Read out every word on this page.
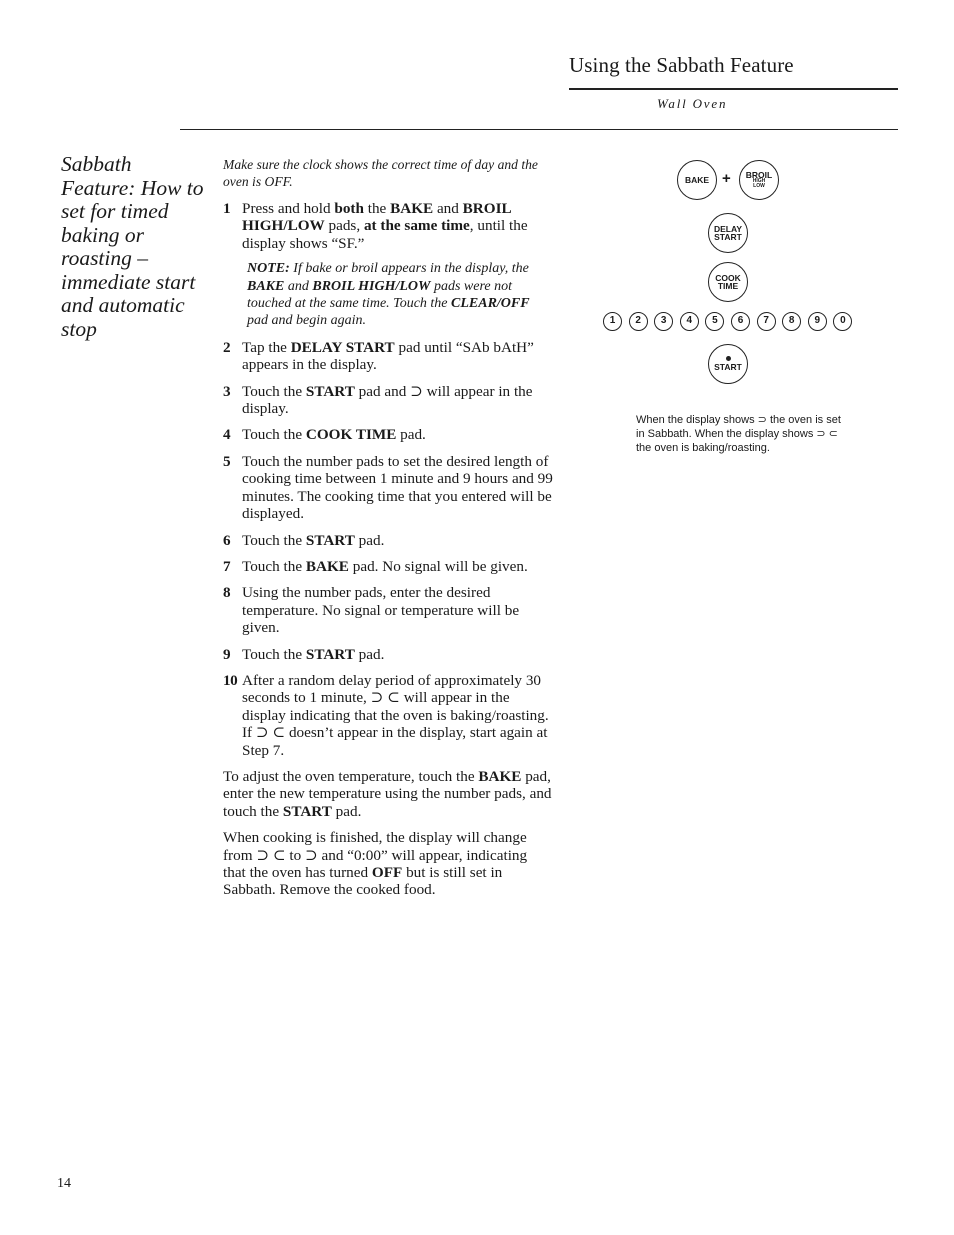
Using the Sabbath Feature
Wall Oven
Sabbath Feature: How to set for timed baking or roasting – immediate start and automatic stop

Make sure the clock shows the correct time of day and the oven is OFF.

1 Press and hold both the BAKE and BROIL HIGH/LOW pads, at the same time, until the display shows “SF.”
NOTE: If bake or broil appears in the display, the BAKE and BROIL HIGH/LOW pads were not touched at the same time. Touch the CLEAR/OFF pad and begin again.
2 Tap the DELAY START pad until “SAb bAtH” appears in the display.
3 Touch the START pad and ⊃ will appear in the display.
4 Touch the COOK TIME pad.
5 Touch the number pads to set the desired length of cooking time between 1 minute and 9 hours and 99 minutes. The cooking time that you entered will be displayed.
6 Touch the START pad.
7 Touch the BAKE pad. No signal will be given.
8 Using the number pads, enter the desired temperature. No signal or temperature will be given.
9 Touch the START pad.
10 After a random delay period of approximately 30 seconds to 1 minute, ⊃ ⊂ will appear in the display indicating that the oven is baking/roasting. If ⊃ ⊂ doesn’t appear in the display, start again at Step 7.

To adjust the oven temperature, touch the BAKE pad, enter the new temperature using the number pads, and touch the START pad.

When cooking is finished, the display will change from ⊃ ⊂ to ⊃ and “0:00” will appear, indicating that the oven has turned OFF but is still set in Sabbath. Remove the cooked food.

BAKE + BROIL
HIGH
LOW
DELAY
START
COOK
TIME
1	2	3	4	5	6	7	8	9	0
START
When the display shows ⊃ the oven is set in Sabbath. When the display shows ⊃ ⊂ the oven is baking/roasting.
14
